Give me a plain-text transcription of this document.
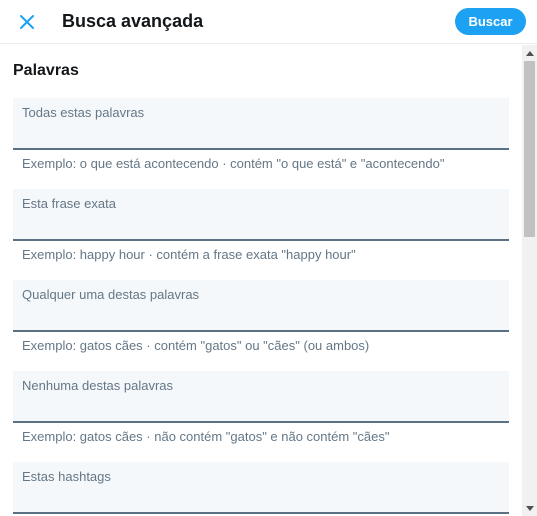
Busca avançada	Buscar
Palavras
Todas estas palavras
Exemplo: o que está acontecendo · contém "o que está" e "acontecendo"
Esta frase exata
Exemplo: happy hour · contém a frase exata "happy hour"
Qualquer uma destas palavras
Exemplo: gatos cães · contém "gatos" ou "cães" (ou ambos)
Nenhuma destas palavras
Exemplo: gatos cães · não contém "gatos" e não contém "cães"
Estas hashtags
